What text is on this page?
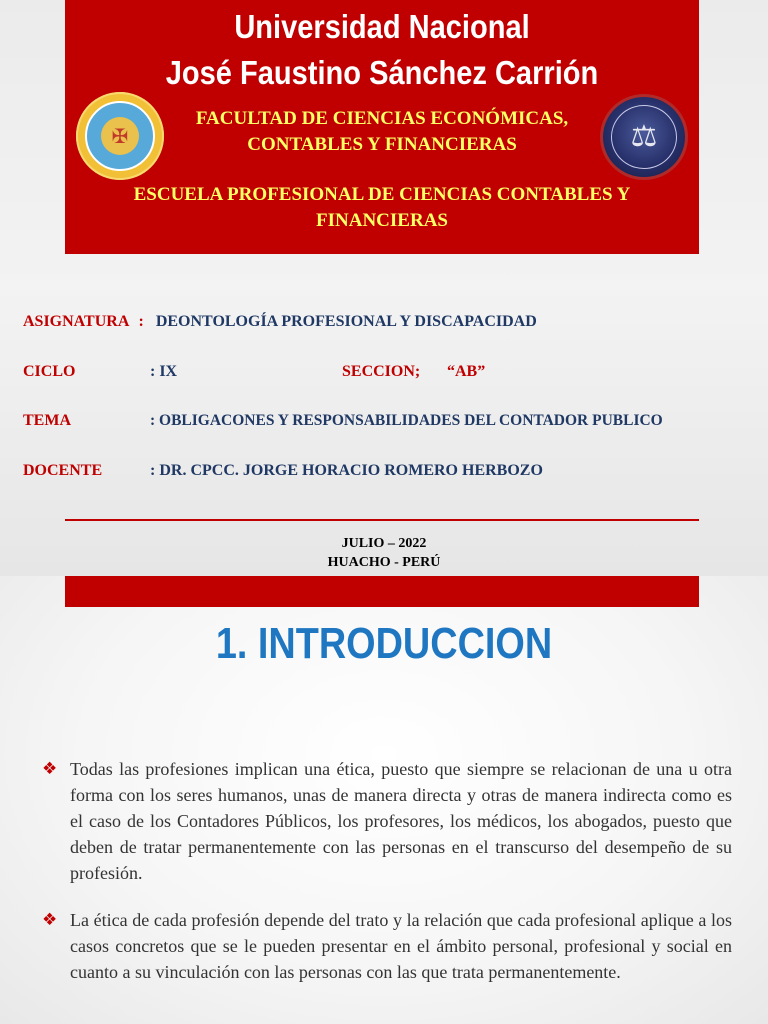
Universidad Nacional
José Faustino Sánchez Carrión
✠
FACULTAD DE CIENCIAS ECONÓMICAS,
CONTABLES Y FINANCIERAS	⚖
ESCUELA PROFESIONAL DE CIENCIAS CONTABLES Y
FINANCIERAS
ASIGNATURA : DEONTOLOGÍA PROFESIONAL Y DISCAPACIDAD
CICLO	: IX	SECCION; “AB”
TEMA	: OBLIGACONES Y RESPONSABILIDADES DEL CONTADOR PUBLICO
DOCENTE	: DR. CPCC. JORGE HORACIO ROMERO HERBOZO
JULIO – 2022
HUACHO - PERÚ
1. INTRODUCCION
❖ Todas las profesiones implican una ética, puesto que siempre se relacionan de una u otra forma con los seres humanos, unas de manera directa y otras de manera indirecta como es el caso de los Contadores Públicos, los profesores, los médicos, los abogados, puesto que deben de tratar permanentemente con las personas en el transcurso del desempeño de su profesión.
❖ La ética de cada profesión depende del trato y la relación que cada profesional aplique a los casos concretos que se le pueden presentar en el ámbito personal, profesional y social en cuanto a su vinculación con las personas con las que trata permanentemente.
